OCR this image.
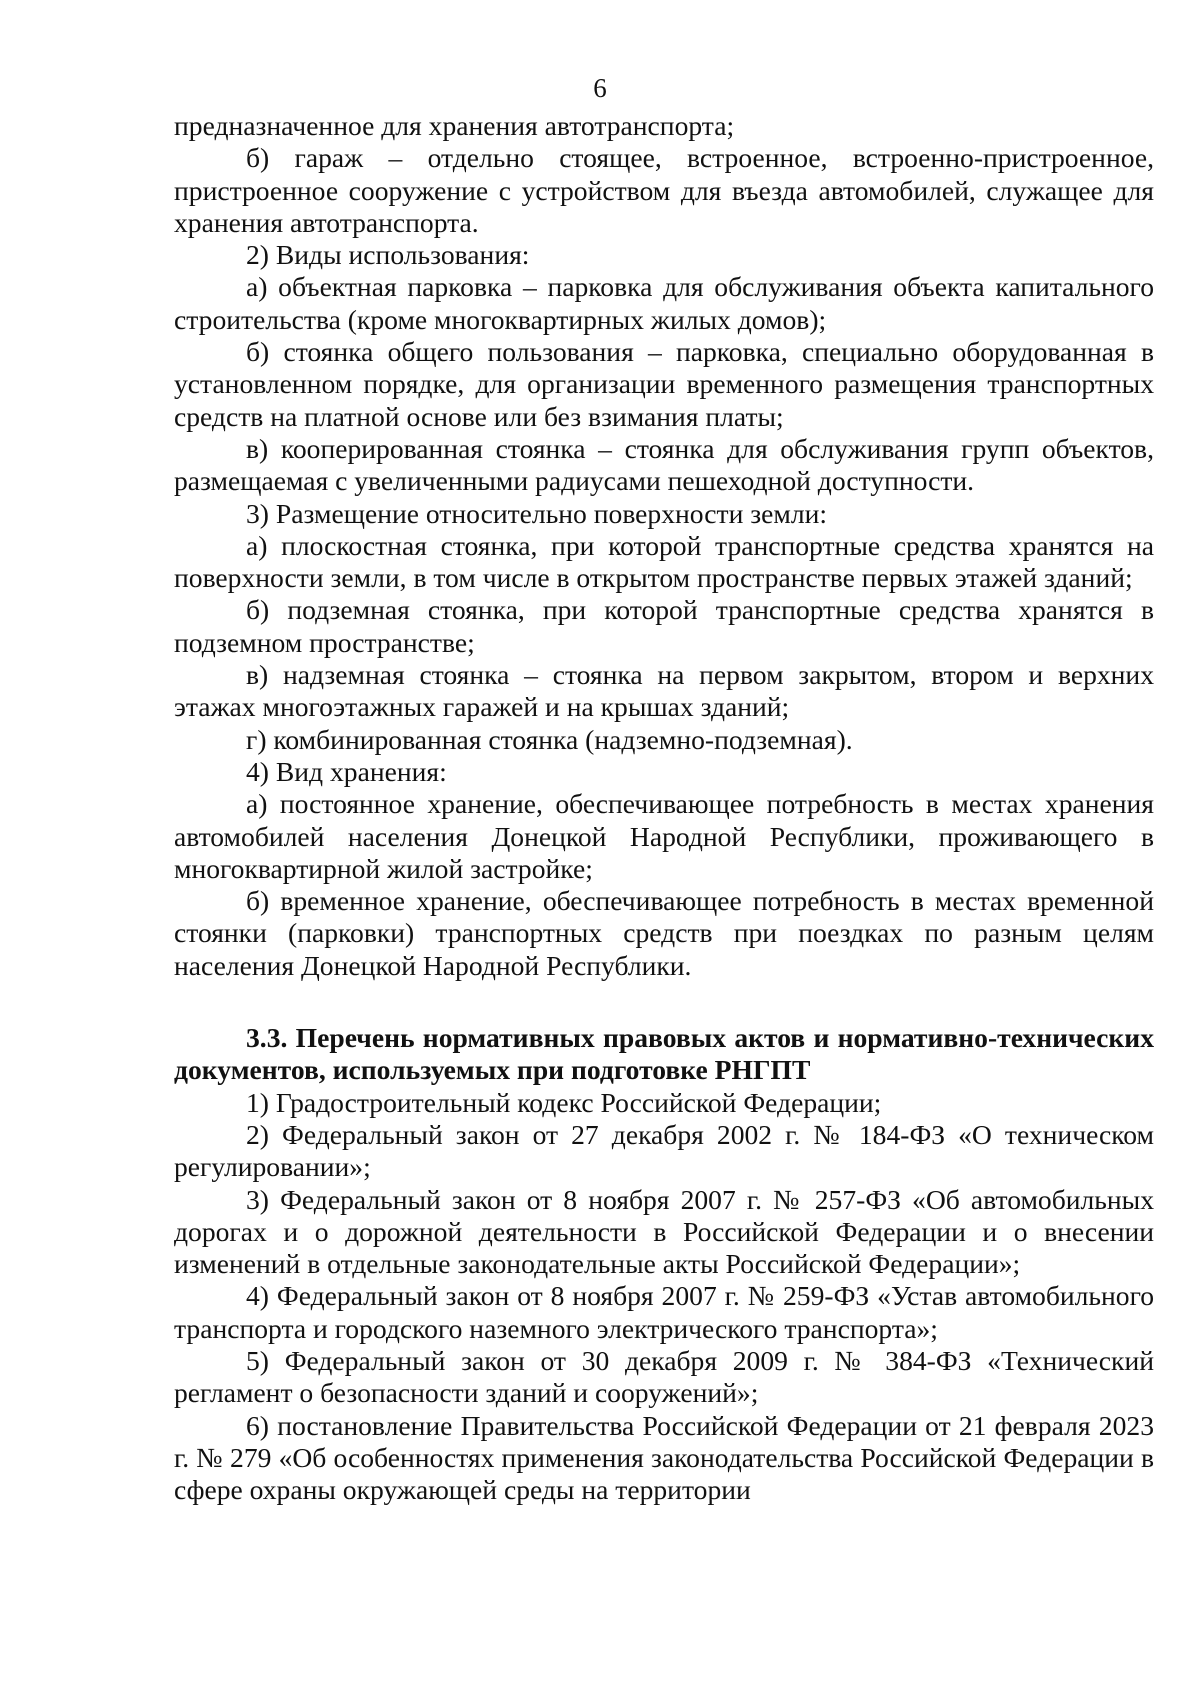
6

предназначенное для хранения автотранспорта;

б) гараж – отдельно стоящее, встроенное, встроенно-пристроенное, пристроенное сооружение с устройством для въезда автомобилей, служащее для хранения автотранспорта.

2) Виды использования:

а) объектная парковка – парковка для обслуживания объекта капитального строительства (кроме многоквартирных жилых домов);

б) стоянка общего пользования – парковка, специально оборудованная в установленном порядке, для организации временного размещения транспортных средств на платной основе или без взимания платы;

в) кооперированная стоянка – стоянка для обслуживания групп объектов, размещаемая с увеличенными радиусами пешеходной доступности.

3) Размещение относительно поверхности земли:

а) плоскостная стоянка, при которой транспортные средства хранятся на поверхности земли, в том числе в открытом пространстве первых этажей зданий;

б) подземная стоянка, при которой транспортные средства хранятся в подземном пространстве;

в) надземная стоянка – стоянка на первом закрытом, втором и верхних этажах многоэтажных гаражей и на крышах зданий;

г) комбинированная стоянка (надземно-подземная).

4) Вид хранения:

а) постоянное хранение, обеспечивающее потребность в местах хранения автомобилей населения Донецкой Народной Республики, проживающего в многоквартирной жилой застройке;

б) временное хранение, обеспечивающее потребность в местах временной стоянки (парковки) транспортных средств при поездках по разным целям населения Донецкой Народной Республики.

3.3. Перечень нормативных правовых актов и нормативно-технических документов, используемых при подготовке РНГПТ

1) Градостроительный кодекс Российской Федерации;

2) Федеральный закон от 27 декабря 2002 г. № 184-ФЗ «О техническом регулировании»;

3) Федеральный закон от 8 ноября 2007 г. № 257-ФЗ «Об автомобильных дорогах и о дорожной деятельности в Российской Федерации и о внесении изменений в отдельные законодательные акты Российской Федерации»;

4) Федеральный закон от 8 ноября 2007 г. № 259-ФЗ «Устав автомобильного транспорта и городского наземного электрического транспорта»;

5) Федеральный закон от 30 декабря 2009 г. № 384-ФЗ «Технический регламент о безопасности зданий и сооружений»;

6) постановление Правительства Российской Федерации от 21 февраля 2023 г. № 279 «Об особенностях применения законодательства Российской Федерации в сфере охраны окружающей среды на территории
